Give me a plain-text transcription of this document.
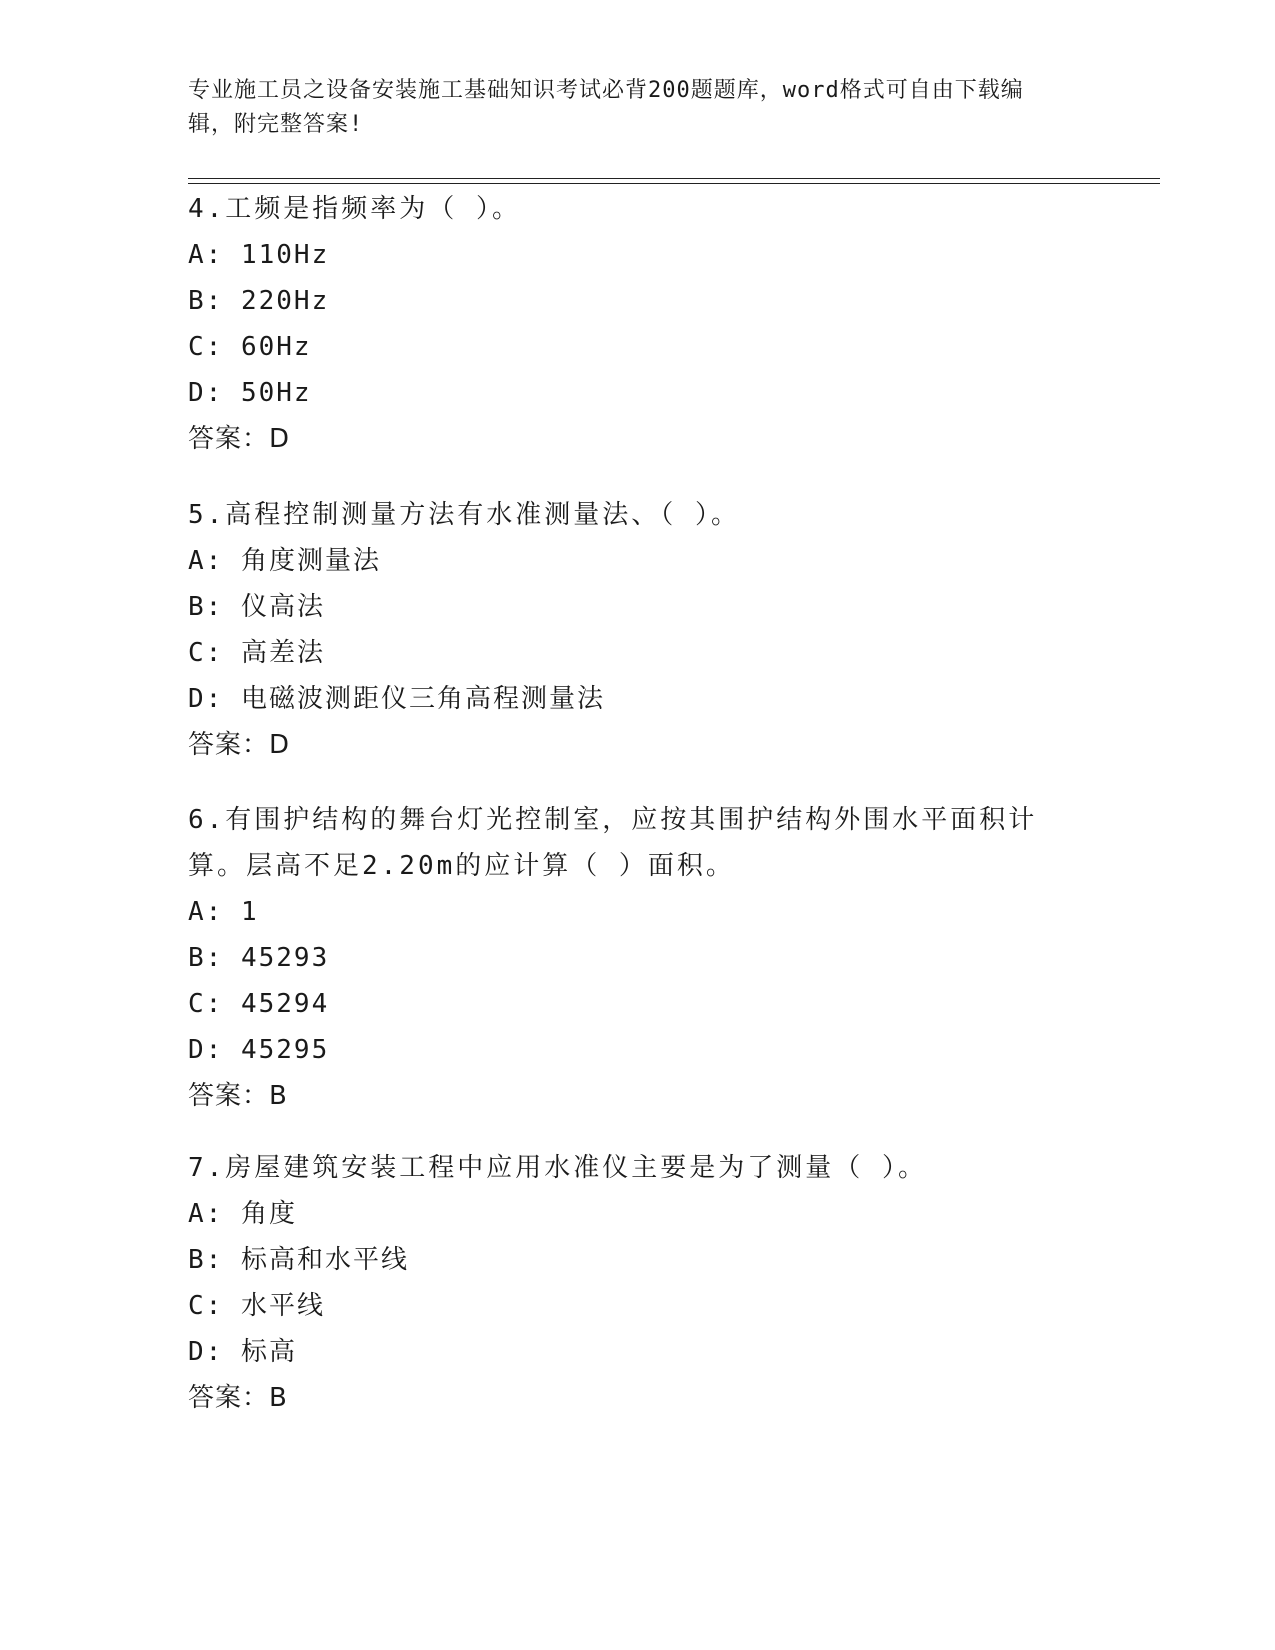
专业施工员之设备安装施工基础知识考试必背200题题库，word格式可自由下载编辑，附完整答案!
4.工频是指频率为（ ）。
A: 110Hz
B: 220Hz
C: 60Hz
D: 50Hz
答案：D
5.高程控制测量方法有水准测量法、（ ）。
A: 角度测量法
B: 仪高法
C: 高差法
D: 电磁波测距仪三角高程测量法
答案：D
6.有围护结构的舞台灯光控制室，应按其围护结构外围水平面积计算。层高不足2.20m的应计算（ ）面积。
A: 1
B: 45293
C: 45294
D: 45295
答案：B
7.房屋建筑安装工程中应用水准仪主要是为了测量（ ）。
A: 角度
B: 标高和水平线
C: 水平线
D: 标高
答案：B
